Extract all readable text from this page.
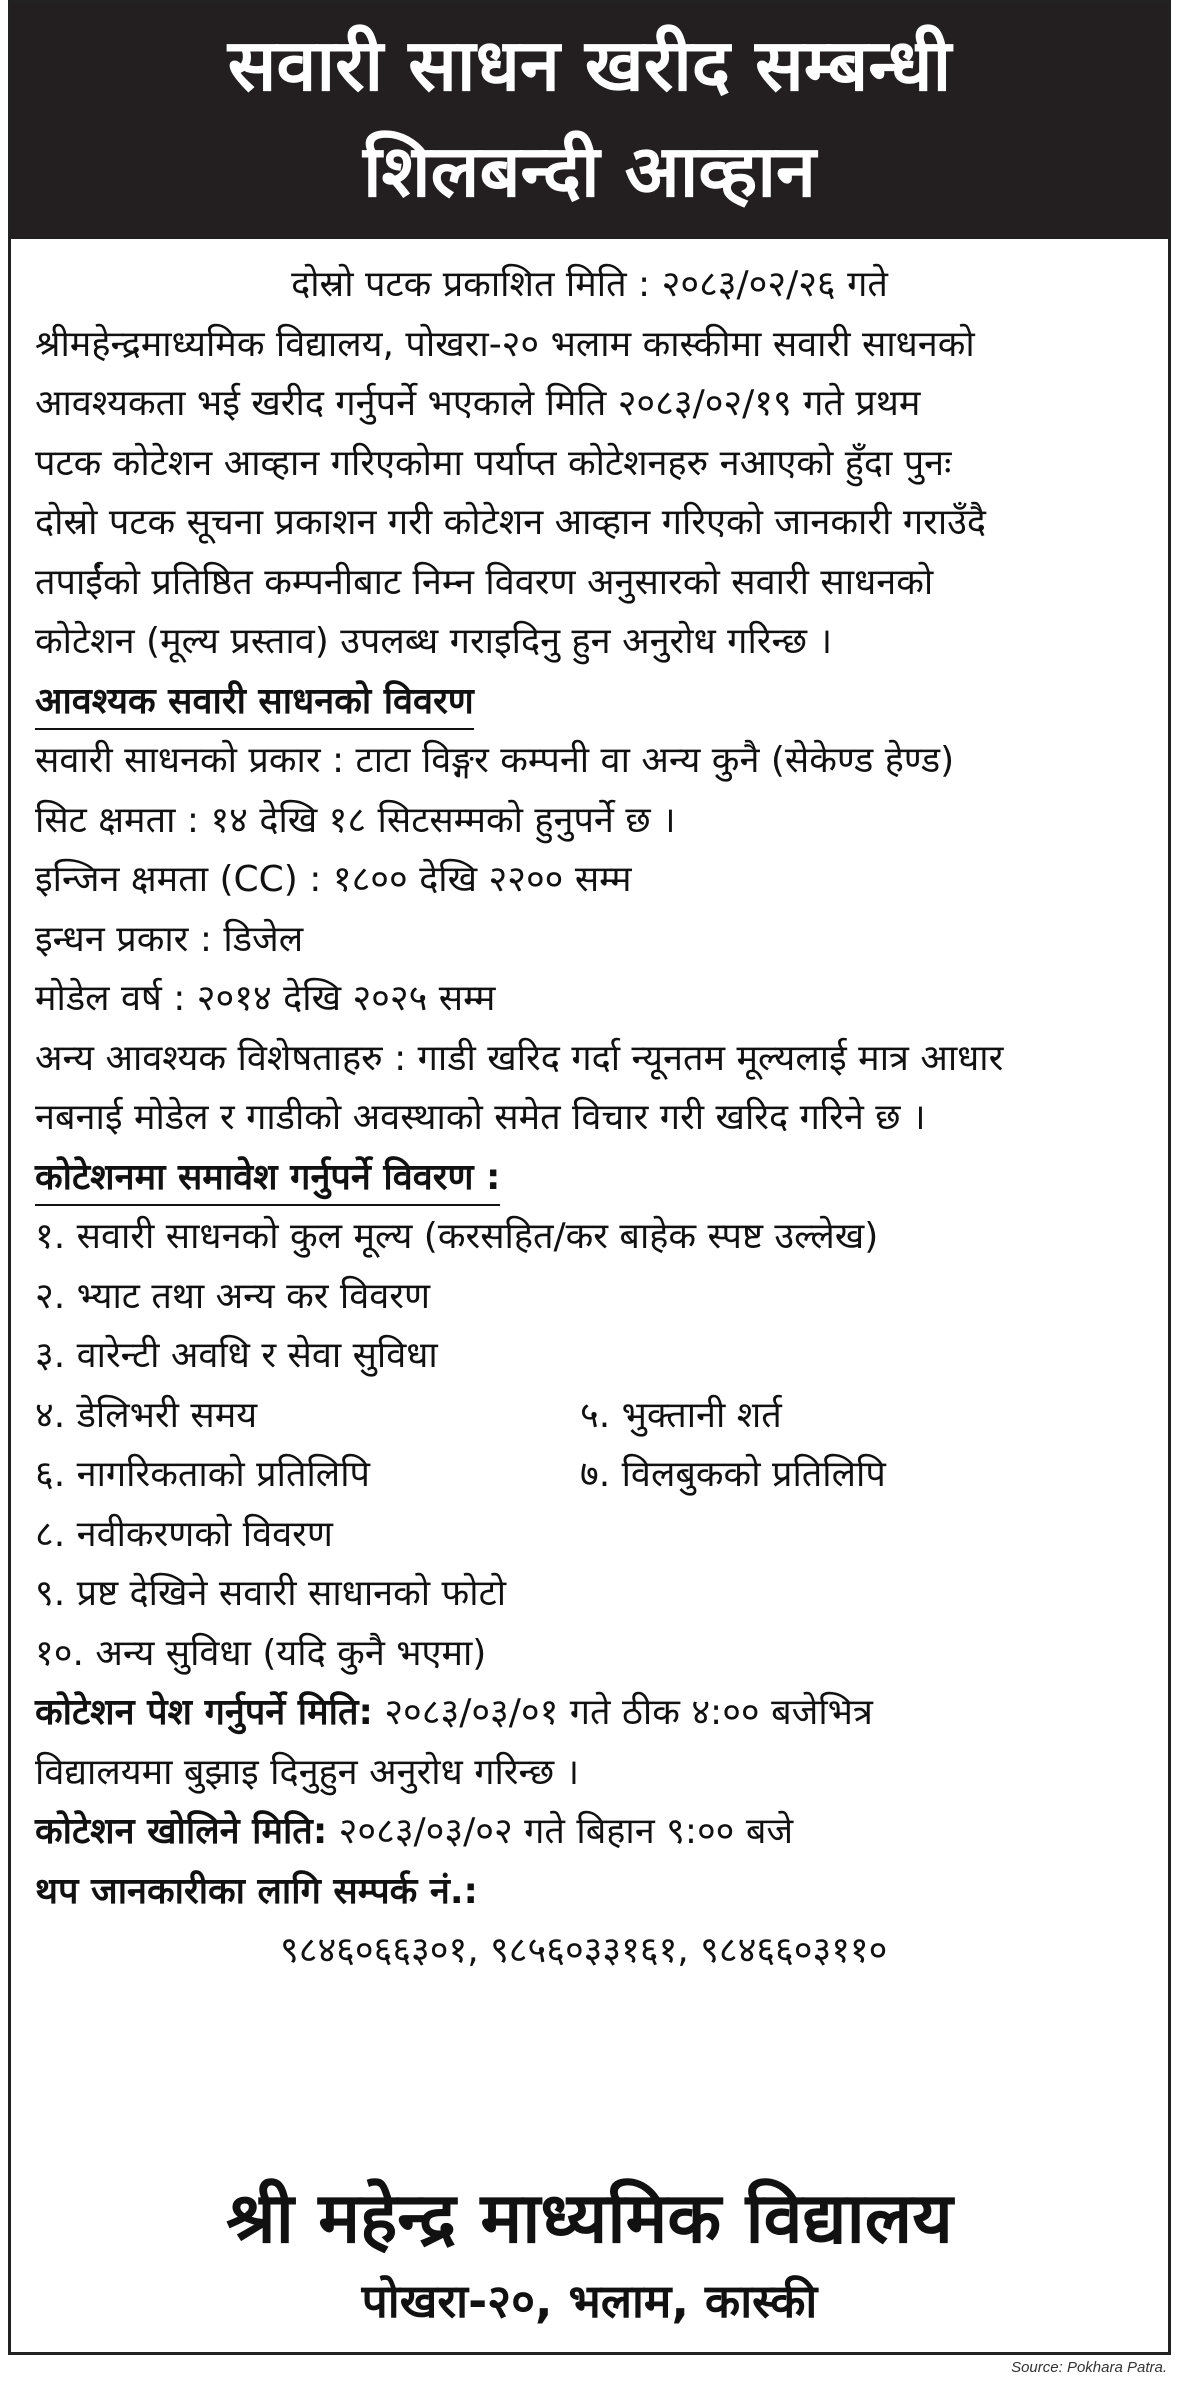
सवारी साधन खरीद सम्बन्धी
शिलबन्दी आव्हान
दोस्रो पटक प्रकाशित मिति : २०८३/०२/२६ गते
श्रीमहेन्द्रमाध्यमिक विद्यालय, पोखरा-२० भलाम कास्कीमा सवारी साधनको
आवश्यकता भई खरीद गर्नुपर्ने भएकाले मिति २०८३/०२/१९ गते प्रथम
पटक कोटेशन आव्हान गरिएकोमा पर्याप्त कोटेशनहरु नआएको हुँदा पुनः
दोस्रो पटक सूचना प्रकाशन गरी कोटेशन आव्हान गरिएको जानकारी गराउँदै
तपाईंको प्रतिष्ठित कम्पनीबाट निम्न विवरण अनुसारको सवारी साधनको
कोटेशन (मूल्य प्रस्ताव) उपलब्ध गराइदिनु हुन अनुरोध गरिन्छ ।
आवश्यक सवारी साधनको विवरण
सवारी साधनको प्रकार : टाटा विङ्गर कम्पनी वा अन्य कुनै (सेकेण्ड हेण्ड)
सिट क्षमता : १४ देखि १८ सिटसम्मको हुनुपर्ने छ ।
इन्जिन क्षमता (CC) : १८०० देखि २२०० सम्म
इन्धन प्रकार : डिजेल
मोडेल वर्ष : २०१४ देखि २०२५ सम्म
अन्य आवश्यक विशेषताहरु : गाडी खरिद गर्दा न्यूनतम मूल्यलाई मात्र आधार
नबनाई मोडेल र गाडीको अवस्थाको समेत विचार गरी खरिद गरिने छ ।
कोटेशनमा समावेश गर्नुपर्ने विवरण :
१. सवारी साधनको कुल मूल्य (करसहित/कर बाहेक स्पष्ट उल्लेख)
२. भ्याट तथा अन्य कर विवरण
३. वारेन्टी अवधि र सेवा सुविधा
४. डेलिभरी समय	५. भुक्तानी शर्त
६. नागरिकताको प्रतिलिपि	७. विलबुकको प्रतिलिपि
८. नवीकरणको विवरण
९. प्रष्ट देखिने सवारी साधानको फोटो
१०. अन्य सुविधा (यदि कुनै भएमा)
कोटेशन पेश गर्नुपर्ने मिति: २०८३/०३/०१ गते ठीक ४:०० बजेभित्र
विद्यालयमा बुझाइ दिनुहुन अनुरोध गरिन्छ ।
कोटेशन खोलिने मिति: २०८३/०३/०२ गते बिहान ९:०० बजे
थप जानकारीका लागि सम्पर्क नं.:
९८४६०६६३०१, ९८५६०३३१६१, ९८४६६०३११०
श्री महेन्द्र माध्यमिक विद्यालय
पोखरा-२०, भलाम, कास्की
Source: Pokhara Patra.
